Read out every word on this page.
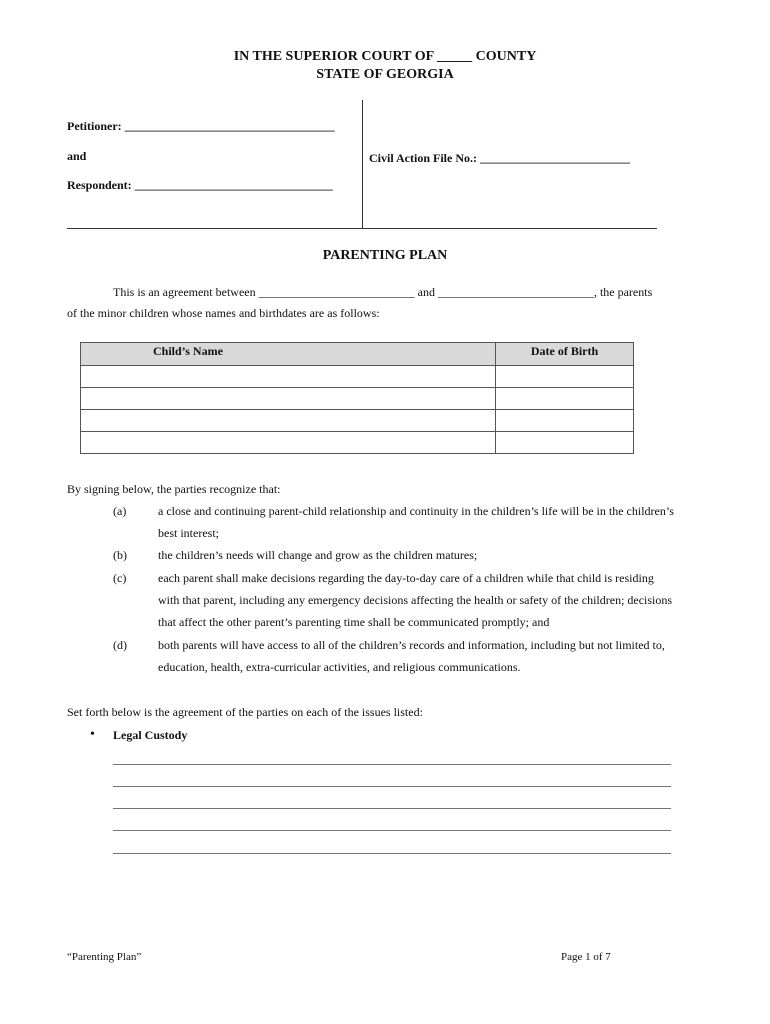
IN THE SUPERIOR COURT OF _____ COUNTY
STATE OF GEORGIA
Petitioner: ___________________________________
and
Respondent: _________________________________
Civil Action File No.: _________________________
PARENTING PLAN
This is an agreement between __________________________ and __________________________, the parents
of the minor children whose names and birthdates are as follows:
Child’s Name	Date of Birth

By signing below, the parties recognize that:
(a)	a close and continuing parent-child relationship and continuity in the children’s life will be in the children’s
best interest;
(b)	the children’s needs will change and grow as the children matures;
(c)	each parent shall make decisions regarding the day-to-day care of a children while that child is residing
with that parent, including any emergency decisions affecting the health or safety of the children; decisions
that affect the other parent’s parenting time shall be communicated promptly; and
(d)	both parents will have access to all of the children’s records and information, including but not limited to,
education, health, extra-curricular activities, and religious communications.
Set forth below is the agreement of the parties on each of the issues listed:
• Legal Custody
_____________________________________________________________________________________________
_____________________________________________________________________________________________
_____________________________________________________________________________________________
_____________________________________________________________________________________________
_____________________________________________________________________________________________
“Parenting Plan”	Page 1 of 7
